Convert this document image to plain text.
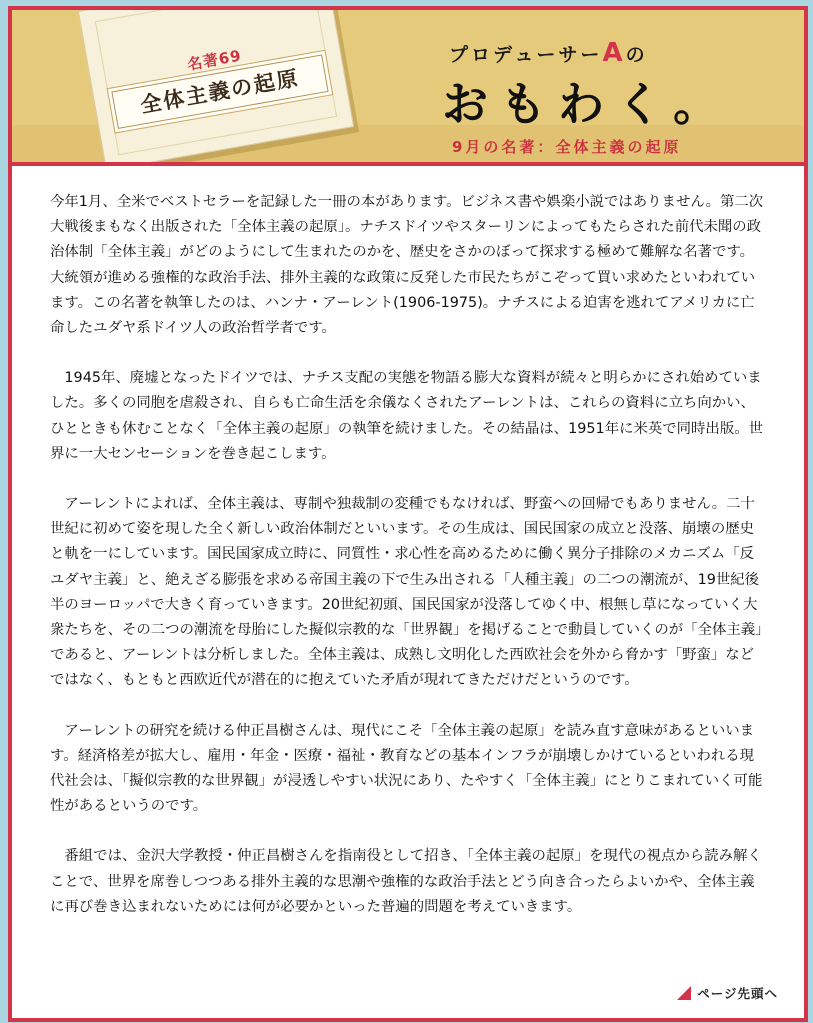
名著69
全体主義の起原
プロデューサーAの
おもわく。
9月の名著：全体主義の起原

今年1月、全米でベストセラーを記録した一冊の本があります。ビジネス書や娯楽小説ではありません。第二次大戦後まもなく出版された「全体主義の起原」。ナチスドイツやスターリンによってもたらされた前代未聞の政治体制「全体主義」がどのようにして生まれたのかを、歴史をさかのぼって探求する極めて難解な名著です。大統領が進める強権的な政治手法、排外主義的な政策に反発した市民たちがこぞって買い求めたといわれています。この名著を執筆したのは、ハンナ・アーレント(1906-1975)。ナチスによる迫害を逃れてアメリカに亡命したユダヤ系ドイツ人の政治哲学者です。

1945年、廃墟となったドイツでは、ナチス支配の実態を物語る膨大な資料が続々と明らかにされ始めていました。多くの同胞を虐殺され、自らも亡命生活を余儀なくされたアーレントは、これらの資料に立ち向かい、ひとときも休むことなく「全体主義の起原」の執筆を続けました。その結晶は、1951年に米英で同時出版。世界に一大センセーションを巻き起こします。

アーレントによれば、全体主義は、専制や独裁制の変種でもなければ、野蛮への回帰でもありません。二十世紀に初めて姿を現した全く新しい政治体制だといいます。その生成は、国民国家の成立と没落、崩壊の歴史と軌を一にしています。国民国家成立時に、同質性・求心性を高めるために働く異分子排除のメカニズム「反ユダヤ主義」と、絶えざる膨張を求める帝国主義の下で生み出される「人種主義」の二つの潮流が、19世紀後半のヨーロッパで大きく育っていきます。20世紀初頭、国民国家が没落してゆく中、根無し草になっていく大衆たちを、その二つの潮流を母胎にした擬似宗教的な「世界観」を掲げることで動員していくのが「全体主義」であると、アーレントは分析しました。全体主義は、成熟し文明化した西欧社会を外から脅かす「野蛮」などではなく、もともと西欧近代が潜在的に抱えていた矛盾が現れてきただけだというのです。

アーレントの研究を続ける仲正昌樹さんは、現代にこそ「全体主義の起原」を読み直す意味があるといいます。経済格差が拡大し、雇用・年金・医療・福祉・教育などの基本インフラが崩壊しかけているといわれる現代社会は、「擬似宗教的な世界観」が浸透しやすい状況にあり、たやすく「全体主義」にとりこまれていく可能性があるというのです。

番組では、金沢大学教授・仲正昌樹さんを指南役として招き、「全体主義の起原」を現代の視点から読み解くことで、世界を席巻しつつある排外主義的な思潮や強権的な政治手法とどう向き合ったらよいかや、全体主義に再び巻き込まれないためには何が必要かといった普遍的問題を考えていきます。

ページ先頭へ
